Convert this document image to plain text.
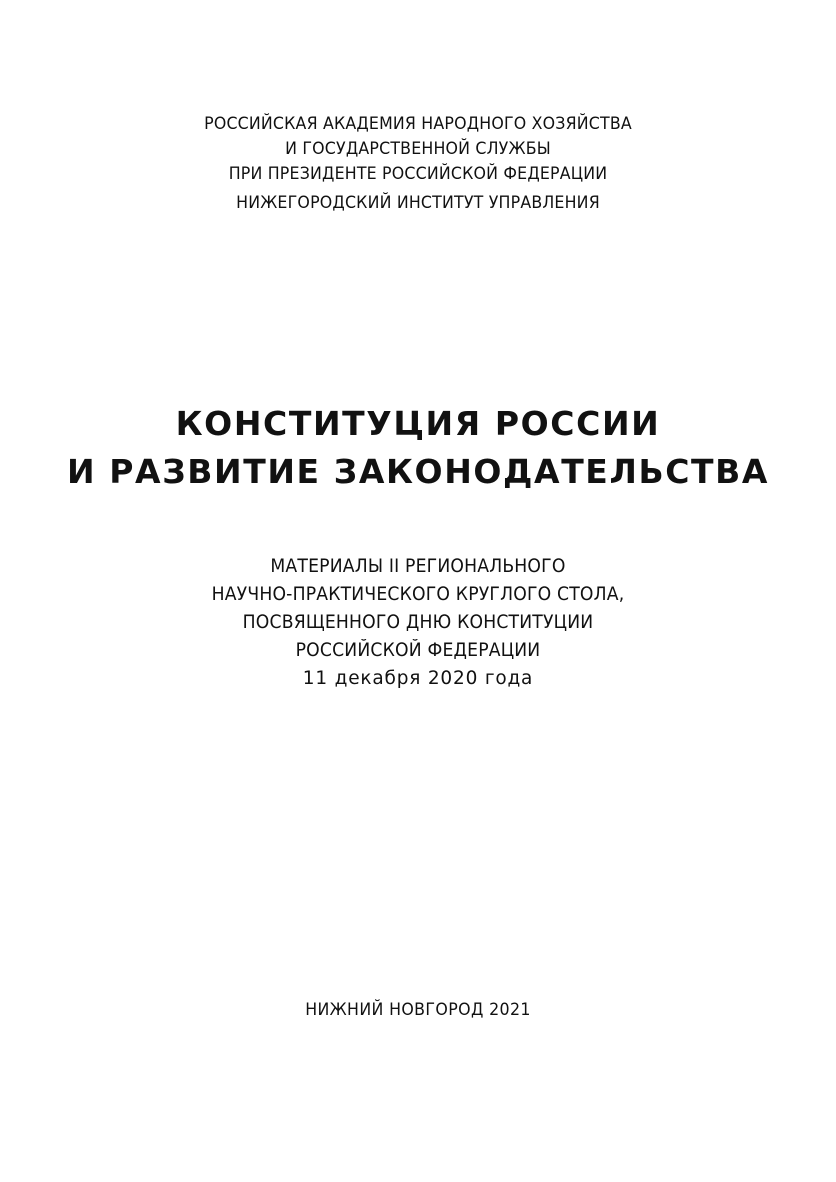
РОССИЙСКАЯ АКАДЕМИЯ НАРОДНОГО ХОЗЯЙСТВА
И ГОСУДАРСТВЕННОЙ СЛУЖБЫ
ПРИ ПРЕЗИДЕНТЕ РОССИЙСКОЙ ФЕДЕРАЦИИ
НИЖЕГОРОДСКИЙ ИНСТИТУТ УПРАВЛЕНИЯ
КОНСТИТУЦИЯ РОССИИ
И РАЗВИТИЕ ЗАКОНОДАТЕЛЬСТВА
МАТЕРИАЛЫ II РЕГИОНАЛЬНОГО
НАУЧНО-ПРАКТИЧЕСКОГО КРУГЛОГО СТОЛА,
ПОСВЯЩЕННОГО ДНЮ КОНСТИТУЦИИ
РОССИЙСКОЙ ФЕДЕРАЦИИ
11 декабря 2020 года
НИЖНИЙ НОВГОРОД 2021
